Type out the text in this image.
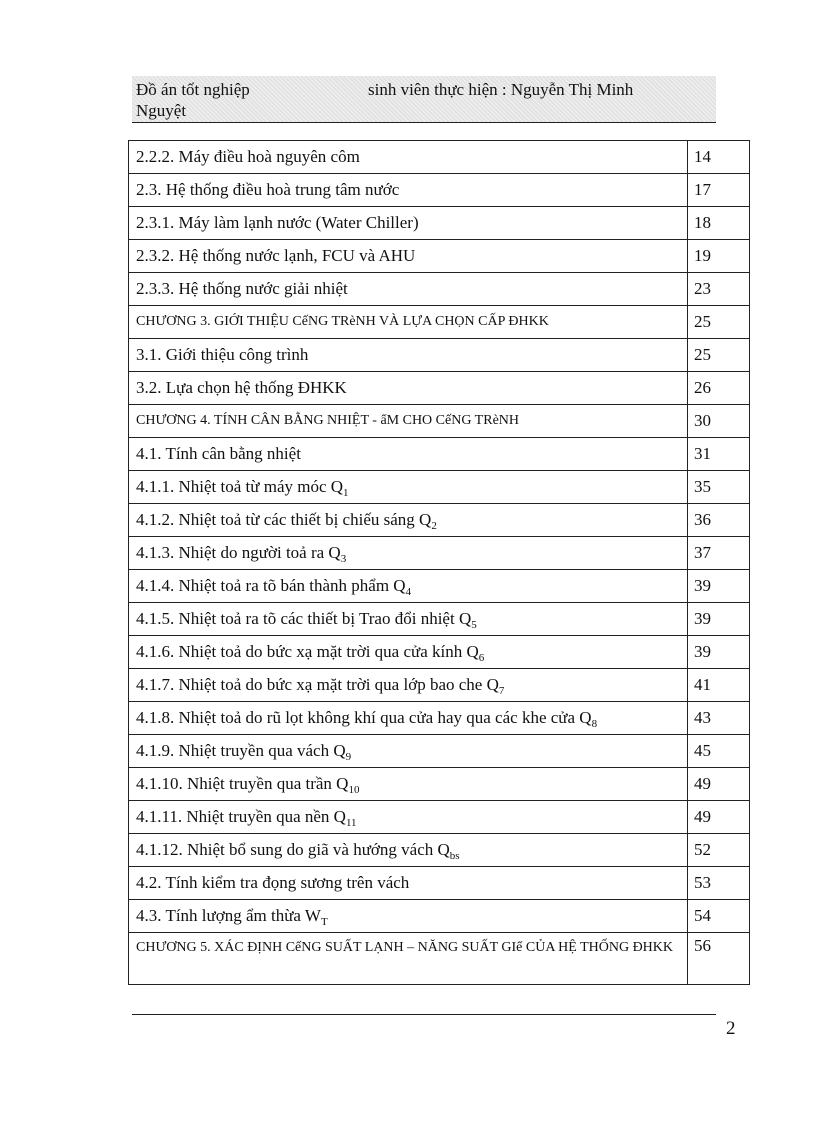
Đồ án tốt nghiệp	sinh viên thực hiện : Nguyễn Thị Minh
Nguyệt
2.2.2. Máy điều hoà nguyên côm	14
2.3. Hệ thống điều hoà trung tâm nước	17
2.3.1. Máy làm lạnh nước (Water Chiller)	18
2.3.2. Hệ thống nước lạnh, FCU và AHU	19
2.3.3. Hệ thống nước giải nhiệt	23
CHƯƠNG 3. GIỚI THIỆU CếNG TRèNH VÀ LỰA CHỌN CẤP ĐHKK	25
3.1. Giới thiệu công trình	25
3.2. Lựa chọn hệ thống ĐHKK	26
CHƯƠNG 4. TÍNH CÂN BẰNG NHIỆT - ẩM CHO CếNG TRèNH	30
4.1. Tính cân bằng nhiệt	31
4.1.1. Nhiệt toả từ máy móc $Q_1$	35
4.1.2. Nhiệt toả từ các thiết bị chiếu sáng $Q_2$	36
4.1.3. Nhiệt do người toả ra $Q_3$	37
4.1.4. Nhiệt toả ra tõ bán thành phẩm $Q_4$	39
4.1.5. Nhiệt toả ra tõ các thiết bị Trao đổi nhiệt $Q_5$	39
4.1.6. Nhiệt toả do bức xạ mặt trời qua cửa kính $Q_6$	39
4.1.7. Nhiệt toả do bức xạ mặt trời qua lớp bao che $Q_7$	41
4.1.8. Nhiệt toả do rũ lọt không khí qua cửa hay qua các khe cửa $Q_8$	43
4.1.9. Nhiệt truyền qua vách $Q_9$	45
4.1.10. Nhiệt truyền qua trần $Q_{10}$	49
4.1.11. Nhiệt truyền qua nền $Q_{11}$	49
4.1.12. Nhiệt bổ sung do giã và hướng vách $Q_{bs}$	52
4.2. Tính kiểm tra đọng sương trên vách	53
4.3. Tính lượng ẩm thừa $W_T$	54
CHƯƠNG 5. XÁC ĐỊNH CếNG SUẤT LẠNH – NĂNG SUẤT GIể CỦA HỆ THỐNG ĐHKK	56
2
